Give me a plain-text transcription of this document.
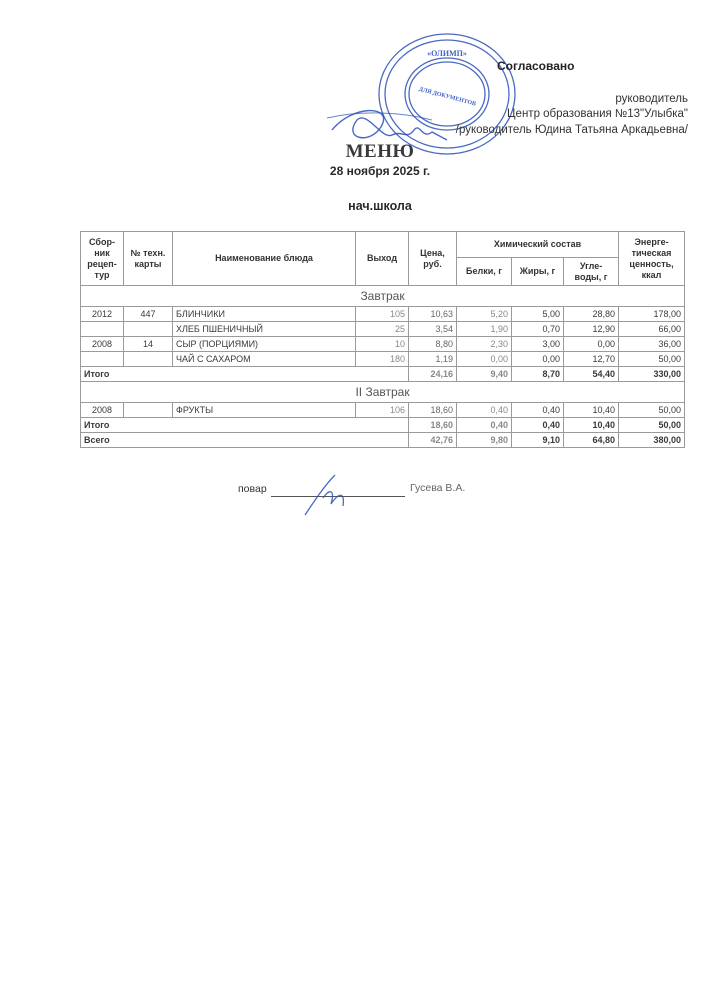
«ОЛИМП»
ДЛЯ ДОКУМЕНТОВ
Согласовано
руководитель
Центр образования №13"Улыбка"
/руководитель Юдина Татьяна Аркадьевна/
МЕНЮ
28 ноября 2025 г.
нач.школа
Сбор-ник рецеп-тур	№ техн. карты	Наименование блюда	Выход	Цена, руб.	Химический состав			Энерге-тическая ценность, ккал
					Белки, г	Жиры, г	Угле-воды, г	
Завтрак								
2012	447	БЛИНЧИКИ	105	10,63	5,20	5,00	28,80	178,00
		ХЛЕБ ПШЕНИЧНЫЙ	25	3,54	1,90	0,70	12,90	66,00
2008	14	СЫР (ПОРЦИЯМИ)	10	8,80	2,30	3,00	0,00	36,00
		ЧАЙ С САХАРОМ	180	1,19	0,00	0,00	12,70	50,00
Итого				24,16	9,40	8,70	54,40	330,00
II Завтрак								
2008		ФРУКТЫ	106	18,60	0,40	0,40	10,40	50,00
Итого				18,60	0,40	0,40	10,40	50,00
Всего				42,76	9,80	9,10	64,80	380,00
повар	Гусева В.А.
